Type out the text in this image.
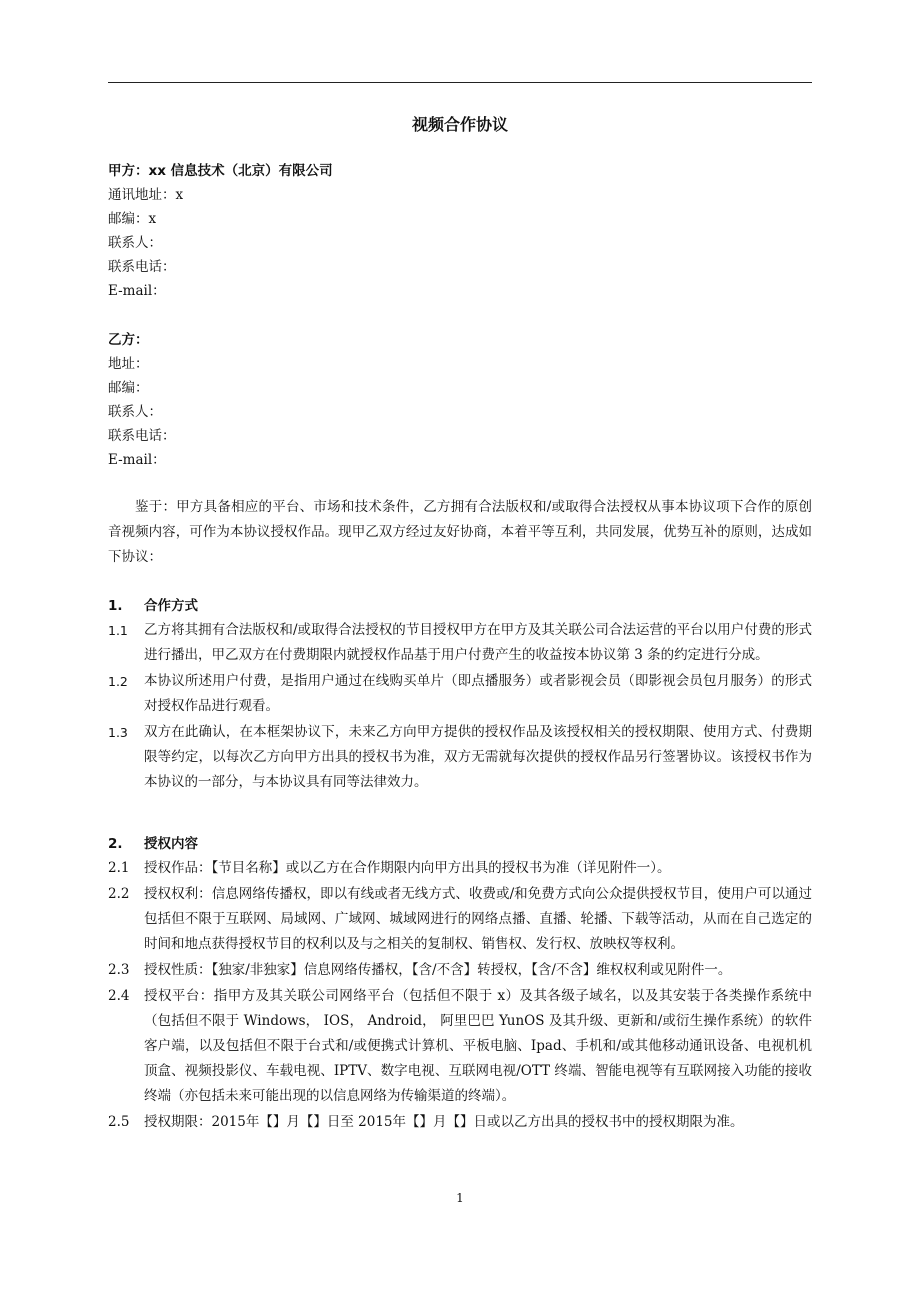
视频合作协议
甲方：xx 信息技术（北京）有限公司
通讯地址：x
邮编：x
联系人：
联系电话：
E-mail：
乙方：
地址：
邮编：
联系人：
联系电话：
E-mail：

鉴于：甲方具备相应的平台、市场和技术条件，乙方拥有合法版权和/或取得合法授权从事本协议项下合作的原创音视频内容，可作为本协议授权作品。现甲乙双方经过友好协商，本着平等互利，共同发展，优势互补的原则，达成如下协议：

1.	合作方式
1.1	乙方将其拥有合法版权和/或取得合法授权的节目授权甲方在甲方及其关联公司合法运营的平台以用户付费的形式进行播出，甲乙双方在付费期限内就授权作品基于用户付费产生的收益按本协议第 3 条的约定进行分成。
1.2	本协议所述用户付费，是指用户通过在线购买单片（即点播服务）或者影视会员（即影视会员包月服务）的形式对授权作品进行观看。
1.3	双方在此确认，在本框架协议下，未来乙方向甲方提供的授权作品及该授权相关的授权期限、使用方式、付费期限等约定，以每次乙方向甲方出具的授权书为准，双方无需就每次提供的授权作品另行签署协议。该授权书作为本协议的一部分，与本协议具有同等法律效力。
2.	授权内容
2.1	授权作品：【节目名称】或以乙方在合作期限内向甲方出具的授权书为准（详见附件一）。
2.2	授权权利：信息网络传播权，即以有线或者无线方式、收费或/和免费方式向公众提供授权节目，使用户可以通过包括但不限于互联网、局域网、广域网、城域网进行的网络点播、直播、轮播、下载等活动，从而在自己选定的时间和地点获得授权节目的权利以及与之相关的复制权、销售权、发行权、放映权等权利。
2.3	授权性质：【独家/非独家】信息网络传播权，【含/不含】转授权，【含/不含】维权权利或见附件一。
2.4	授权平台：指甲方及其关联公司网络平台（包括但不限于 x）及其各级子域名，以及其安装于各类操作系统中（包括但不限于 Windows， IOS， Android， 阿里巴巴 YunOS 及其升级、更新和/或衍生操作系统）的软件客户端，以及包括但不限于台式和/或便携式计算机、平板电脑、Ipad、手机和/或其他移动通讯设备、电视机机顶盒、视频投影仪、车载电视、IPTV、数字电视、互联网电视/OTT 终端、智能电视等有互联网接入功能的接收终端（亦包括未来可能出现的以信息网络为传输渠道的终端）。
2.5	授权期限：2015年【】月【】日至 2015年【】月【】日或以乙方出具的授权书中的授权期限为准。
1
